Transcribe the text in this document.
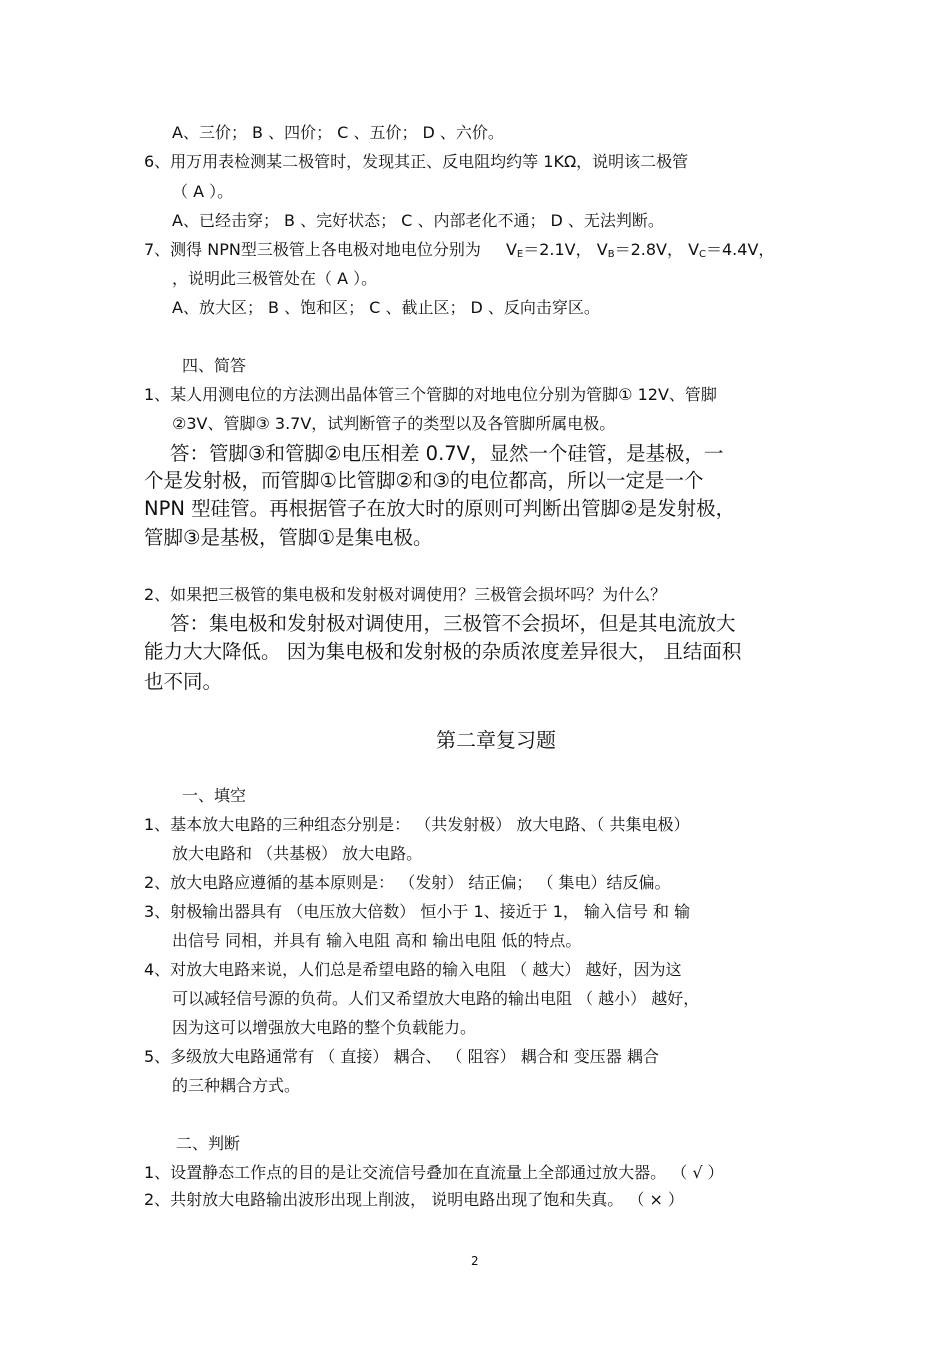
A、三价； B 、四价； C 、五价； D 、六价。
6、用万用表检测某二极管时，发现其正、反电阻均约等 1KΩ，说明该二极管
（ A ）。
A、已经击穿； B 、完好状态； C 、内部老化不通； D 、无法判断。
7、测得 NPN型三极管上各电极对地电位分别为 $V_E=2.1V$， $V_B=2.8V$， $V_C=4.4V$，
，说明此三极管处在（ A ）。
A、放大区； B 、饱和区； C 、截止区； D 、反向击穿区。
四、简答
1、某人用测电位的方法测出晶体管三个管脚的对地电位分别为管脚① 12V、管脚
②3V、管脚③ 3.7V，试判断管子的类型以及各管脚所属电极。
答：管脚③和管脚②电压相差 0.7V，显然一个硅管，是基极，一
个是发射极，而管脚①比管脚②和③的电位都高，所以一定是一个
NPN 型硅管。再根据管子在放大时的原则可判断出管脚②是发射极，
管脚③是基极，管脚①是集电极。
2、如果把三极管的集电极和发射极对调使用？三极管会损坏吗？为什么？
答：集电极和发射极对调使用，三极管不会损坏，但是其电流放大
能力大大降低。 因为集电极和发射极的杂质浓度差异很大， 且结面积
也不同。
第二章复习题
一、填空
1、基本放大电路的三种组态分别是： （共发射极） 放大电路、（ 共集电极）
放大电路和 （共基极） 放大电路。
2、放大电路应遵循的基本原则是： （发射） 结正偏； （ 集电）结反偏。
3、射极输出器具有 （电压放大倍数） 恒小于 1、接近于 1， 输入信号 和 输
出信号 同相，并具有 输入电阻 高和 输出电阻 低的特点。
4、对放大电路来说，人们总是希望电路的输入电阻 （ 越大） 越好，因为这
可以减轻信号源的负荷。人们又希望放大电路的输出电阻 （ 越小） 越好，
因为这可以增强放大电路的整个负载能力。
5、多级放大电路通常有 （ 直接） 耦合、 （ 阻容） 耦合和 变压器 耦合
的三种耦合方式。
二、判断
1、设置静态工作点的目的是让交流信号叠加在直流量上全部通过放大器。 （ √ ）
2、共射放大电路输出波形出现上削波， 说明电路出现了饱和失真。 （ × ）
2
